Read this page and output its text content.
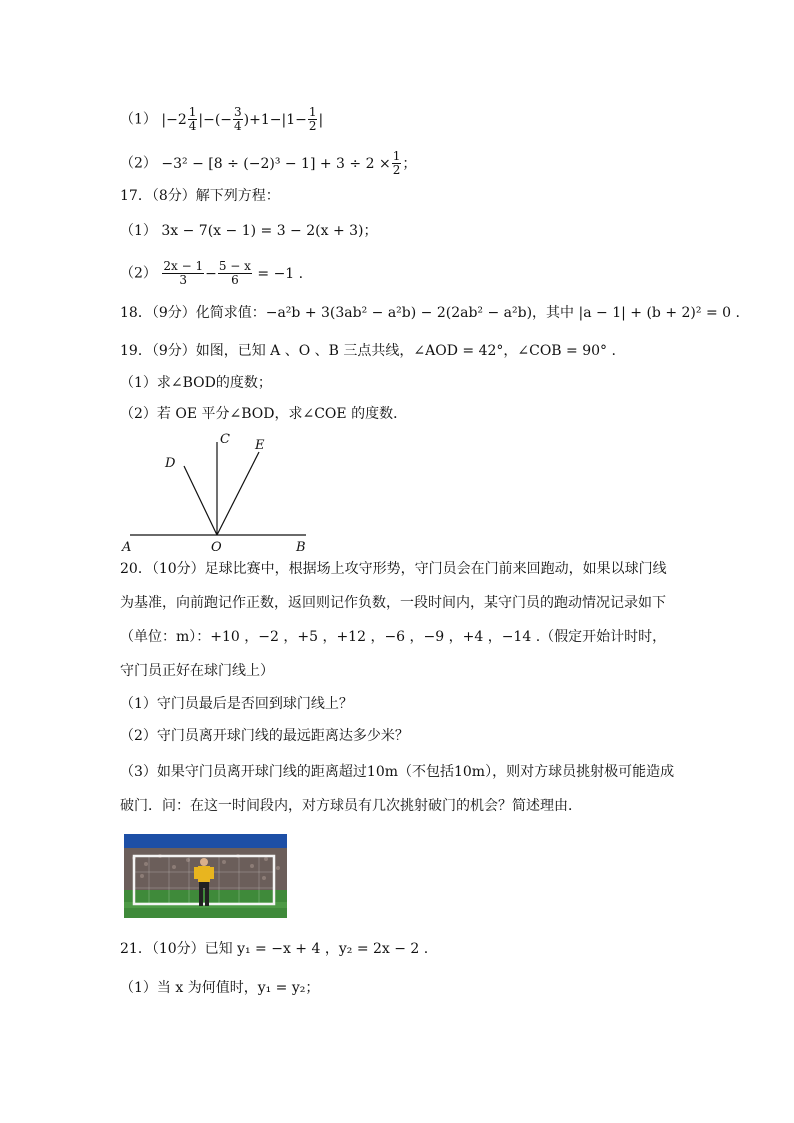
（1） $|-2 \frac{1}{4}$ |−(− $\frac{3}{4} )+1-|1- \frac{1}{2}$ |
$(2) -3^2 - [8 \div (-2)^3 - 1] + 3 \div 2 \times \frac{1}{2}$ ；
17．（8分）解下列方程：
（1） 3x − 7(x − 1) = 3 − 2(x + 3)；
$(2) \frac{2x - 1}{3} - \frac{5 - x}{6} = -1$ .
18．（9分）化简求值：−a²b + 3(3ab² − a²b) − 2(2ab² − a²b)，其中 |a − 1| + (b + 2)² = 0 .
19．（9分）如图，已知 A 、O 、B 三点共线，∠AOD = 42°，∠COB = 90° .
（1）求∠BOD的度数；
（2）若 OE 平分∠BOD，求∠COE 的度数．
C
D
E
A	O	B
20．（10分）足球比赛中，根据场上攻守形势，守门员会在门前来回跑动，如果以球门线为基准，向前跑记作正数，返回则记作负数，一段时间内，某守门员的跑动情况记录如下（单位：m）：+10 ，−2 ，+5 ，+12 ，−6 ，−9 ，+4 ，−14 .（假定开始计时时，守门员正好在球门线上）
（1）守门员最后是否回到球门线上？
（2）守门员离开球门线的最远距离达多少米？
（3）如果守门员离开球门线的距离超过10m（不包括10m），则对方球员挑射极可能造成破门．问：在这一时间段内，对方球员有几次挑射破门的机会？简述理由．
21．（10分）已知 y₁ = −x + 4 ，y₂ = 2x − 2 .
（1）当 x 为何值时，y₁ = y₂；
